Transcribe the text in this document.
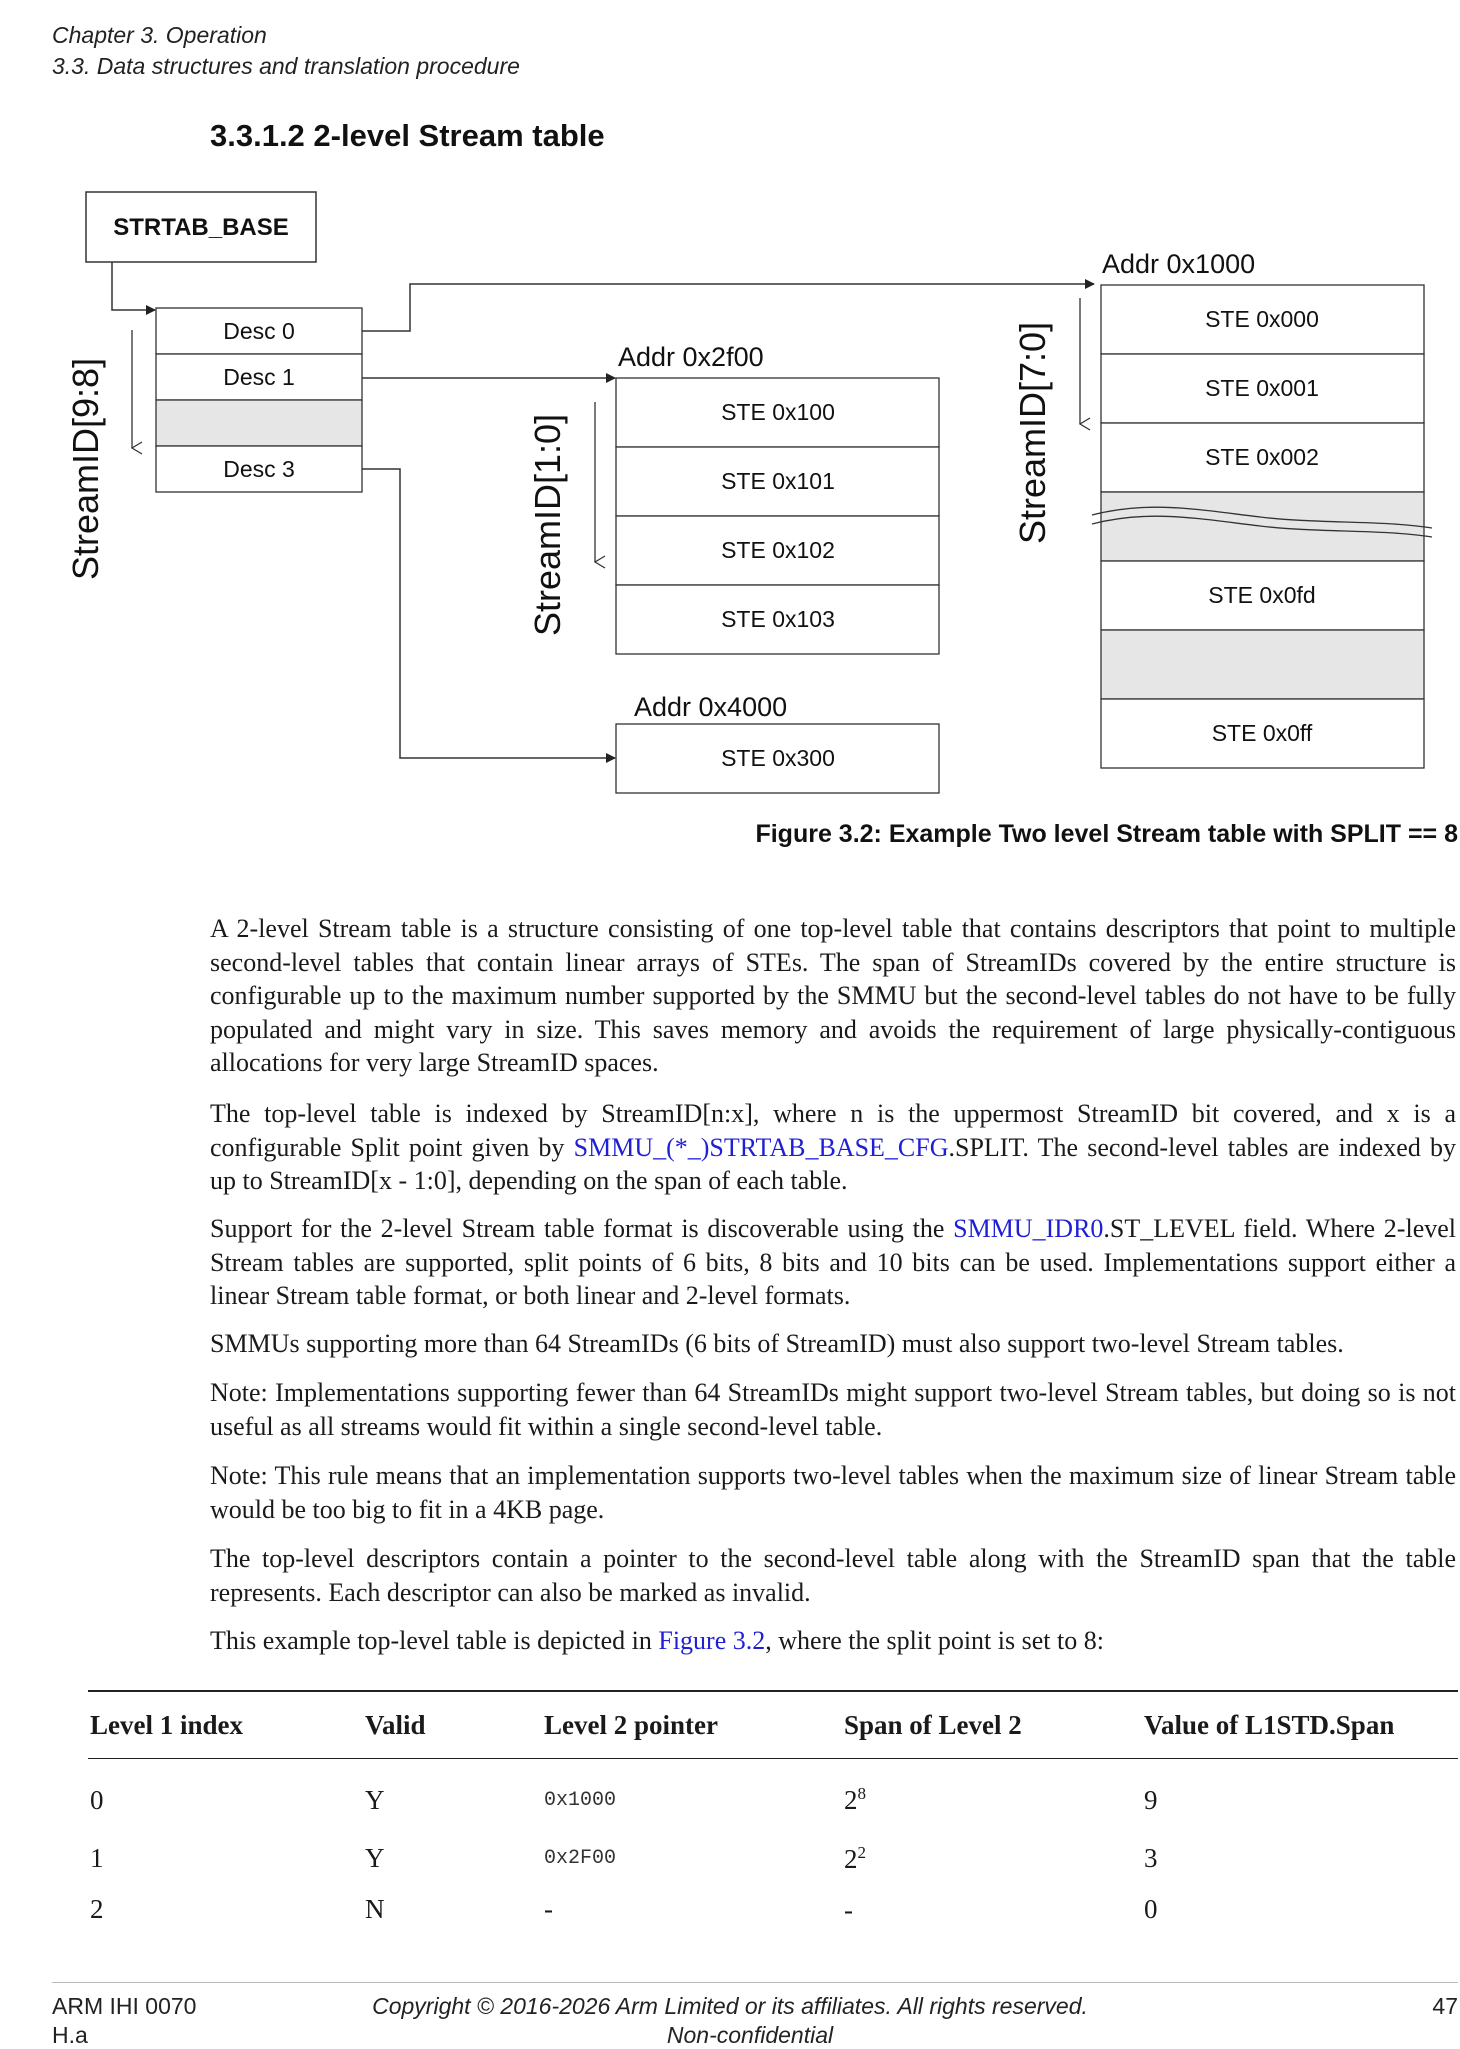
Chapter 3. Operation
3.3. Data structures and translation procedure
3.3.1.2 2-level Stream table
STRTAB_BASE
Desc 0
Desc 1
Desc 3
StreamID[9:8]
Addr 0x2f00
STE 0x100
STE 0x101
STE 0x102
STE 0x103
StreamID[1:0]
Addr 0x4000
STE 0x300
Addr 0x1000
STE 0x000
STE 0x001
STE 0x002
STE 0x0fd
STE 0x0ff
StreamID[7:0]
Figure 3.2: Example Two level Stream table with SPLIT == 8

A 2-level Stream table is a structure consisting of one top-level table that contains descriptors that point to multiple second-level tables that contain linear arrays of STEs. The span of StreamIDs covered by the entire structure is configurable up to the maximum number supported by the SMMU but the second-level tables do not have to be fully populated and might vary in size. This saves memory and avoids the requirement of large physically-contiguous allocations for very large StreamID spaces.

The top-level table is indexed by StreamID[n:x], where n is the uppermost StreamID bit covered, and x is a configurable Split point given by SMMU_(*_)STRTAB_BASE_CFG.SPLIT. The second-level tables are indexed by up to StreamID[x - 1:0], depending on the span of each table.

Support for the 2-level Stream table format is discoverable using the SMMU_IDR0.ST_LEVEL field. Where 2-level Stream tables are supported, split points of 6 bits, 8 bits and 10 bits can be used. Implementations support either a linear Stream table format, or both linear and 2-level formats.

SMMUs supporting more than 64 StreamIDs (6 bits of StreamID) must also support two-level Stream tables.

Note: Implementations supporting fewer than 64 StreamIDs might support two-level Stream tables, but doing so is not useful as all streams would fit within a single second-level table.

Note: This rule means that an implementation supports two-level tables when the maximum size of linear Stream table would be too big to fit in a 4KB page.

The top-level descriptors contain a pointer to the second-level table along with the StreamID span that the table represents. Each descriptor can also be marked as invalid.

This example top-level table is depicted in Figure 3.2, where the split point is set to 8:

Level 1 index	Valid	Level 2 pointer	Span of Level 2	Value of L1STD.Span
0	Y	0x1000	$2^8$	9
1	Y	0x2F00	$2^2$	3
2	N	-	-	0
ARM IHI 0070
H.a
Copyright © 2016-2026 Arm Limited or its affiliates. All rights reserved.
Non-confidential
47
